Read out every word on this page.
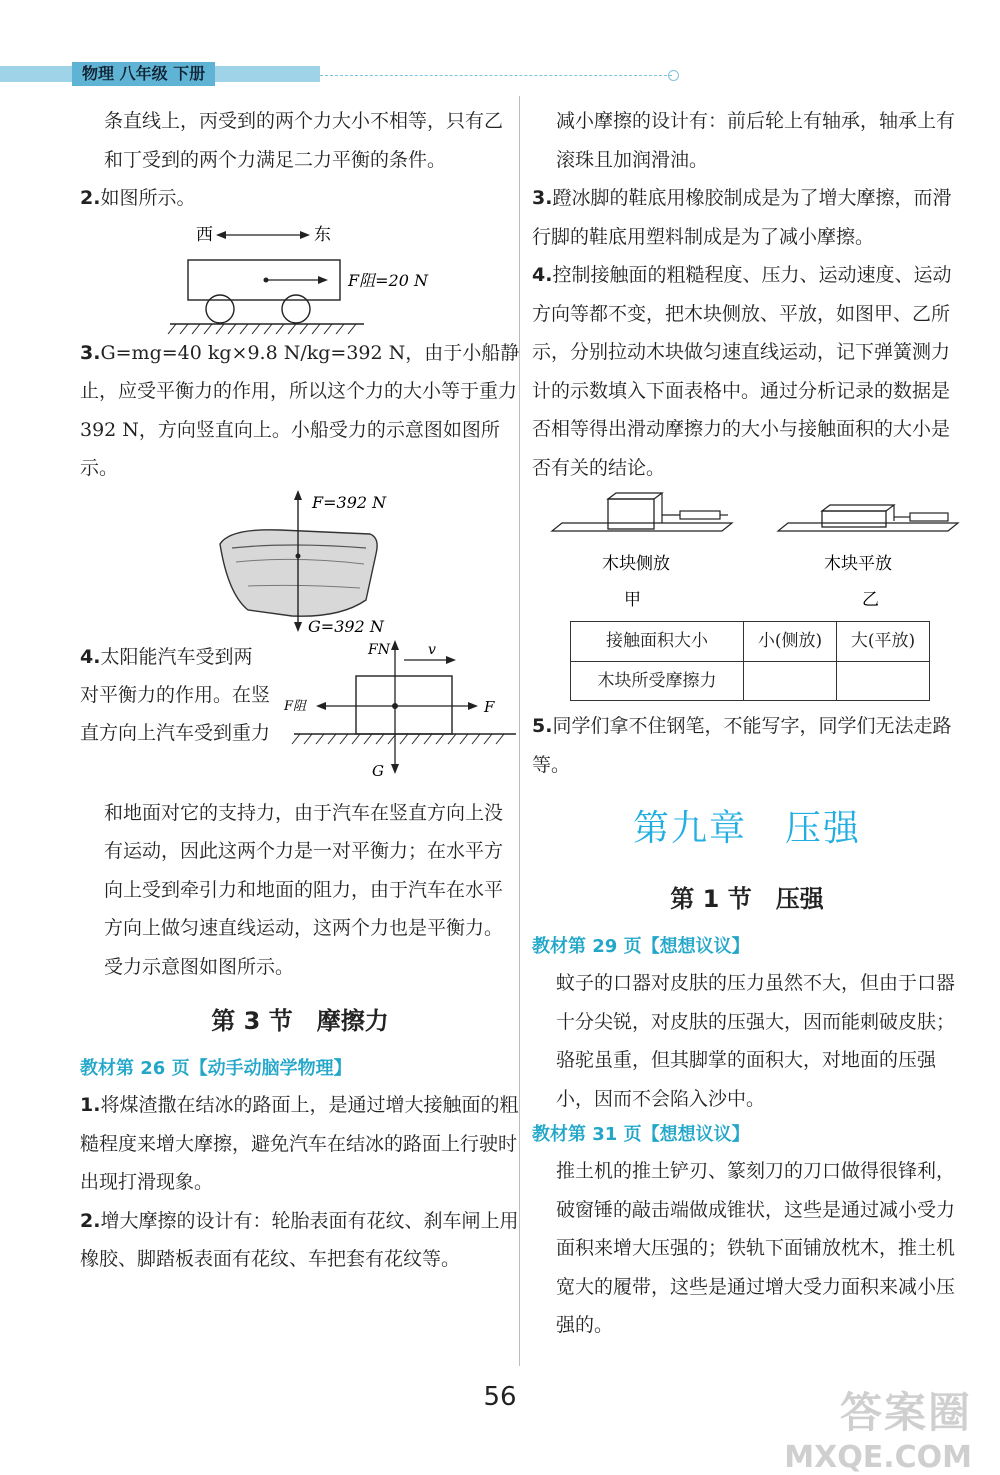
物理 八年级 下册

条直线上，丙受到的两个力大小不相等，只有乙和丁受到的两个力满足二力平衡的条件。

2.如图所示。

西	东
F阻=20 N

3.G=mg=40 kg×9.8 N/kg=392 N，由于小船静止，应受平衡力的作用，所以这个力的大小等于重力 392 N，方向竖直向上。小船受力的示意图如图所示。

F=392 N
G=392 N

4.太阳能汽车受到两对平衡力的作用。在竖直方向上汽车受到重力

FN	v
F阻	F
G

和地面对它的支持力，由于汽车在竖直方向上没有运动，因此这两个力是一对平衡力；在水平方向上受到牵引力和地面的阻力，由于汽车在水平方向上做匀速直线运动，这两个力也是平衡力。受力示意图如图所示。

第 3 节　摩擦力
教材第 26 页【动手动脑学物理】

1.将煤渣撒在结冰的路面上，是通过增大接触面的粗糙程度来增大摩擦，避免汽车在结冰的路面上行驶时出现打滑现象。

2.增大摩擦的设计有：轮胎表面有花纹、刹车闸上用橡胶、脚踏板表面有花纹、车把套有花纹等。

减小摩擦的设计有：前后轮上有轴承，轴承上有滚珠且加润滑油。

3.蹬冰脚的鞋底用橡胶制成是为了增大摩擦，而滑行脚的鞋底用塑料制成是为了减小摩擦。

4.控制接触面的粗糙程度、压力、运动速度、运动方向等都不变，把木块侧放、平放，如图甲、乙所示，分别拉动木块做匀速直线运动，记下弹簧测力计的示数填入下面表格中。通过分析记录的数据是否相等得出滑动摩擦力的大小与接触面积的大小是否有关的结论。

木块侧放
甲
木块平放
乙
接触面积大小	小(侧放)	大(平放)
木块所受摩擦力		

5.同学们拿不住钢笔，不能写字，同学们无法走路等。

第九章　压强
第 1 节　压强
教材第 29 页【想想议议】

蚊子的口器对皮肤的压力虽然不大，但由于口器十分尖锐，对皮肤的压强大，因而能刺破皮肤；骆驼虽重，但其脚掌的面积大，对地面的压强小，因而不会陷入沙中。

教材第 31 页【想想议议】

推土机的推土铲刃、篆刻刀的刀口做得很锋利，破窗锤的敲击端做成锥状，这些是通过减小受力面积来增大压强的；铁轨下面铺放枕木，推土机宽大的履带，这些是通过增大受力面积来减小压强的。

56	答案圈
MXQE.COM
